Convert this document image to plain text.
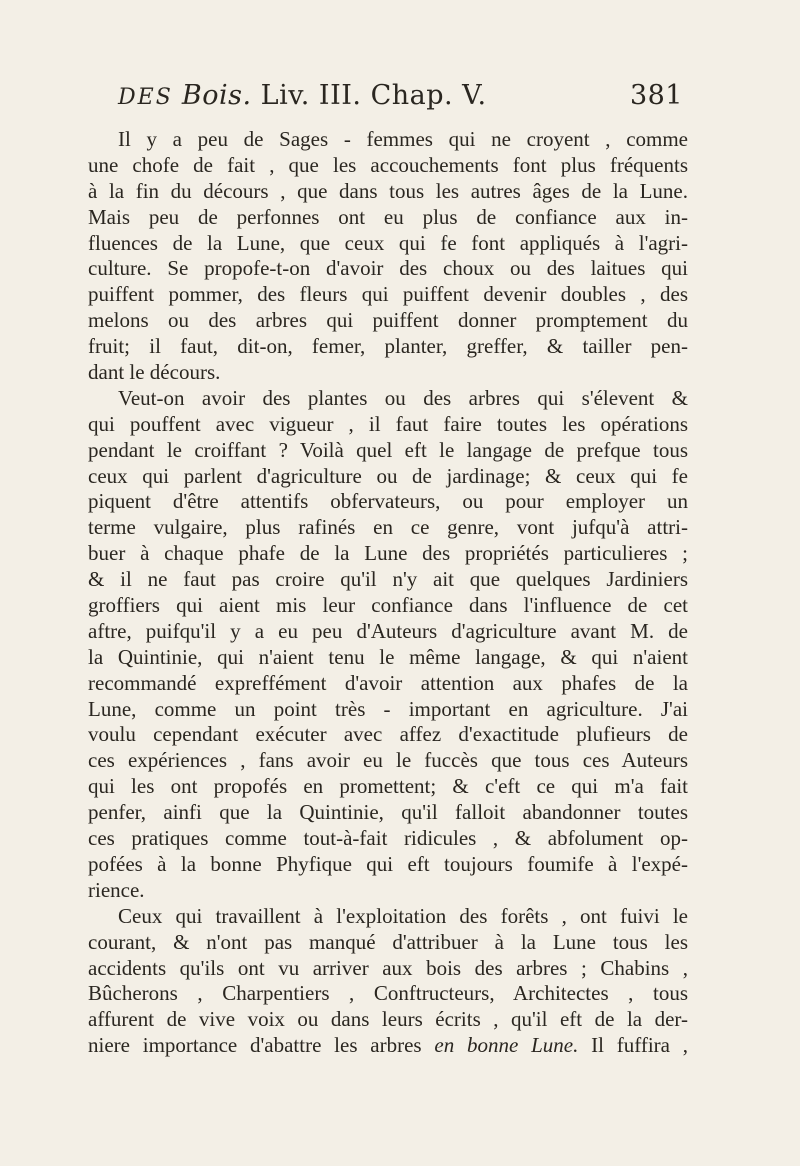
DES Bois. Liv. III. Chap. V.	381
Il y a peu de Sages - femmes qui ne croyent , comme
une chofe de fait , que les accouchements font plus fréquents
à la fin du décours , que dans tous les autres âges de la Lune.
Mais peu de perfonnes ont eu plus de confiance aux in-
fluences de la Lune, que ceux qui fe font appliqués à l'agri-
culture. Se propofe-t-on d'avoir des choux ou des laitues qui
puiffent pommer, des fleurs qui puiffent devenir doubles , des
melons ou des arbres qui puiffent donner promptement du
fruit; il faut, dit-on, femer, planter, greffer, & tailler pen-
dant le décours.
Veut-on avoir des plantes ou des arbres qui s'élevent &
qui pouffent avec vigueur , il faut faire toutes les opérations
pendant le croiffant ? Voilà quel eft le langage de prefque tous
ceux qui parlent d'agriculture ou de jardinage; & ceux qui fe
piquent d'être attentifs obfervateurs, ou pour employer un
terme vulgaire, plus rafinés en ce genre, vont jufqu'à attri-
buer à chaque phafe de la Lune des propriétés particulieres ;
& il ne faut pas croire qu'il n'y ait que quelques Jardiniers
groffiers qui aient mis leur confiance dans l'influence de cet
aftre, puifqu'il y a eu peu d'Auteurs d'agriculture avant M. de
la Quintinie, qui n'aient tenu le même langage, & qui n'aient
recommandé expreffément d'avoir attention aux phafes de la
Lune, comme un point très - important en agriculture. J'ai
voulu cependant exécuter avec affez d'exactitude plufieurs de
ces expériences , fans avoir eu le fuccès que tous ces Auteurs
qui les ont propofés en promettent; & c'eft ce qui m'a fait
penfer, ainfi que la Quintinie, qu'il falloit abandonner toutes
ces pratiques comme tout-à-fait ridicules , & abfolument op-
pofées à la bonne Phyfique qui eft toujours foumife à l'expé-
rience.
Ceux qui travaillent à l'exploitation des forêts , ont fuivi le
courant, & n'ont pas manqué d'attribuer à la Lune tous les
accidents qu'ils ont vu arriver aux bois des arbres ; Chabins ,
Bûcherons , Charpentiers , Conftructeurs, Architectes , tous
affurent de vive voix ou dans leurs écrits , qu'il eft de la der-
niere importance d'abattre les arbres en bonne Lune. Il fuffira ,
